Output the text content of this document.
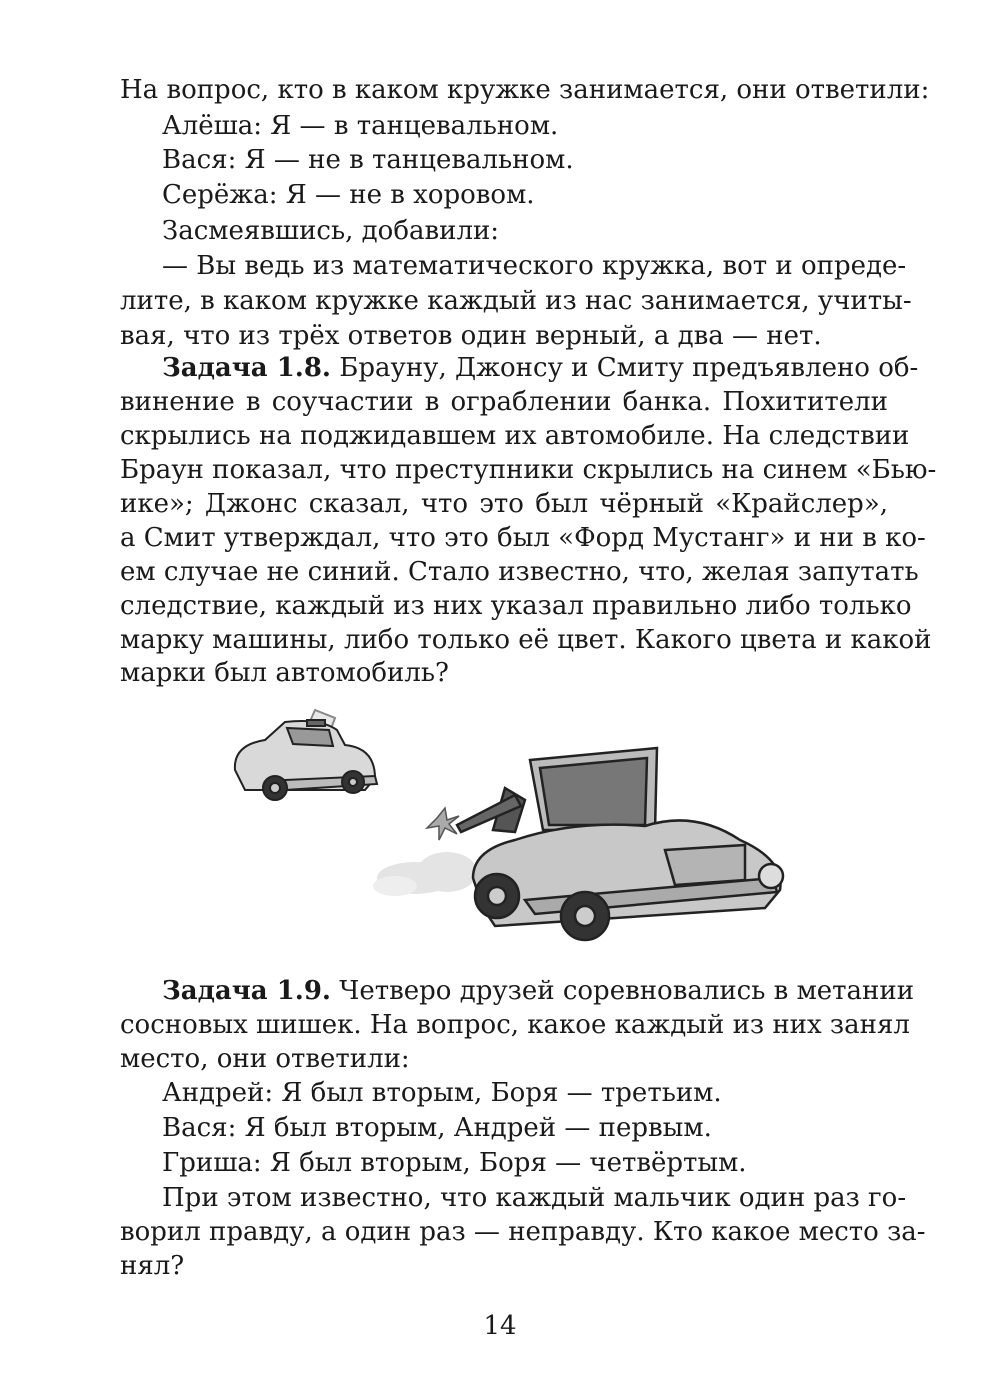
На вопрос, кто в каком кружке занимается, они ответили:
Алёша: Я — в танцевальном.
Вася: Я — не в танцевальном.
Серёжа: Я — не в хоровом.
Засмеявшись, добавили:
— Вы ведь из математического кружка, вот и опреде-
лите, в каком кружке каждый из нас занимается, учиты-
вая, что из трёх ответов один верный, а два — нет.
Задача 1.8. Брауну, Джонсу и Смиту предъявлено об-
винение в соучастии в ограблении банка. Похитители
скрылись на поджидавшем их автомобиле. На следствии
Браун показал, что преступники скрылись на синем «Бью-
ике»; Джонс сказал, что это был чёрный «Крайслер»,
а Смит утверждал, что это был «Форд Мустанг» и ни в ко-
ем случае не синий. Стало известно, что, желая запутать
следствие, каждый из них указал правильно либо только
марку машины, либо только её цвет. Какого цвета и какой
марки был автомобиль?
Задача 1.9. Четверо друзей соревновались в метании
сосновых шишек. На вопрос, какое каждый из них занял
место, они ответили:
Андрей: Я был вторым, Боря — третьим.
Вася: Я был вторым, Андрей — первым.
Гриша: Я был вторым, Боря — четвёртым.
При этом известно, что каждый мальчик один раз го-
ворил правду, а один раз — неправду. Кто какое место за-
нял?
14
